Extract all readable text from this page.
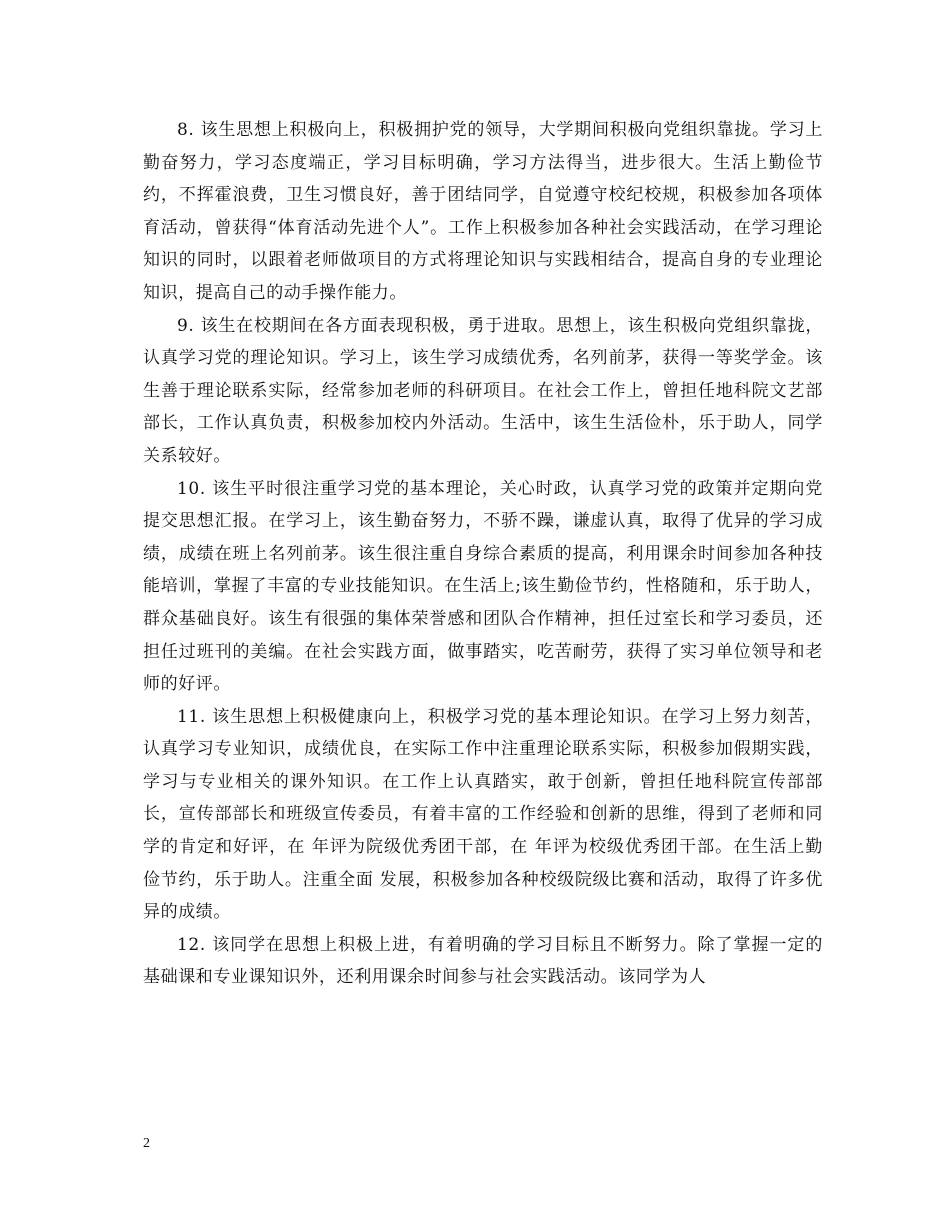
8. 该生思想上积极向上，积极拥护党的领导，大学期间积极向党组织靠拢。学习上勤奋努力，学习态度端正，学习目标明确，学习方法得当，进步很大。生活上勤俭节约，不挥霍浪费，卫生习惯良好，善于团结同学，自觉遵守校纪校规，积极参加各项体育活动，曾获得“体育活动先进个人”。工作上积极参加各种社会实践活动，在学习理论知识的同时，以跟着老师做项目的方式将理论知识与实践相结合，提高自身的专业理论知识，提高自己的动手操作能力。

9. 该生在校期间在各方面表现积极，勇于进取。思想上，该生积极向党组织靠拢，认真学习党的理论知识。学习上，该生学习成绩优秀，名列前茅，获得一等奖学金。该生善于理论联系实际，经常参加老师的科研项目。在社会工作上，曾担任地科院文艺部部长，工作认真负责，积极参加校内外活动。生活中，该生生活俭朴，乐于助人，同学关系较好。

10. 该生平时很注重学习党的基本理论，关心时政，认真学习党的政策并定期向党提交思想汇报。在学习上，该生勤奋努力，不骄不躁，谦虚认真，取得了优异的学习成绩，成绩在班上名列前茅。该生很注重自身综合素质的提高，利用课余时间参加各种技能培训，掌握了丰富的专业技能知识。在生活上;该生勤俭节约，性格随和，乐于助人，群众基础良好。该生有很强的集体荣誉感和团队合作精神，担任过室长和学习委员，还担任过班刊的美编。在社会实践方面，做事踏实，吃苦耐劳，获得了实习单位领导和老师的好评。

11. 该生思想上积极健康向上，积极学习党的基本理论知识。在学习上努力刻苦，认真学习专业知识，成绩优良，在实际工作中注重理论联系实际，积极参加假期实践，学习与专业相关的课外知识。在工作上认真踏实，敢于创新，曾担任地科院宣传部部长，宣传部部长和班级宣传委员，有着丰富的工作经验和创新的思维，得到了老师和同学的肯定和好评，在 年评为院级优秀团干部，在 年评为校级优秀团干部。在生活上勤俭节约，乐于助人。注重全面 发展，积极参加各种校级院级比赛和活动，取得了许多优异的成绩。

12. 该同学在思想上积极上进，有着明确的学习目标且不断努力。除了掌握一定的基础课和专业课知识外，还利用课余时间参与社会实践活动。该同学为人

2
